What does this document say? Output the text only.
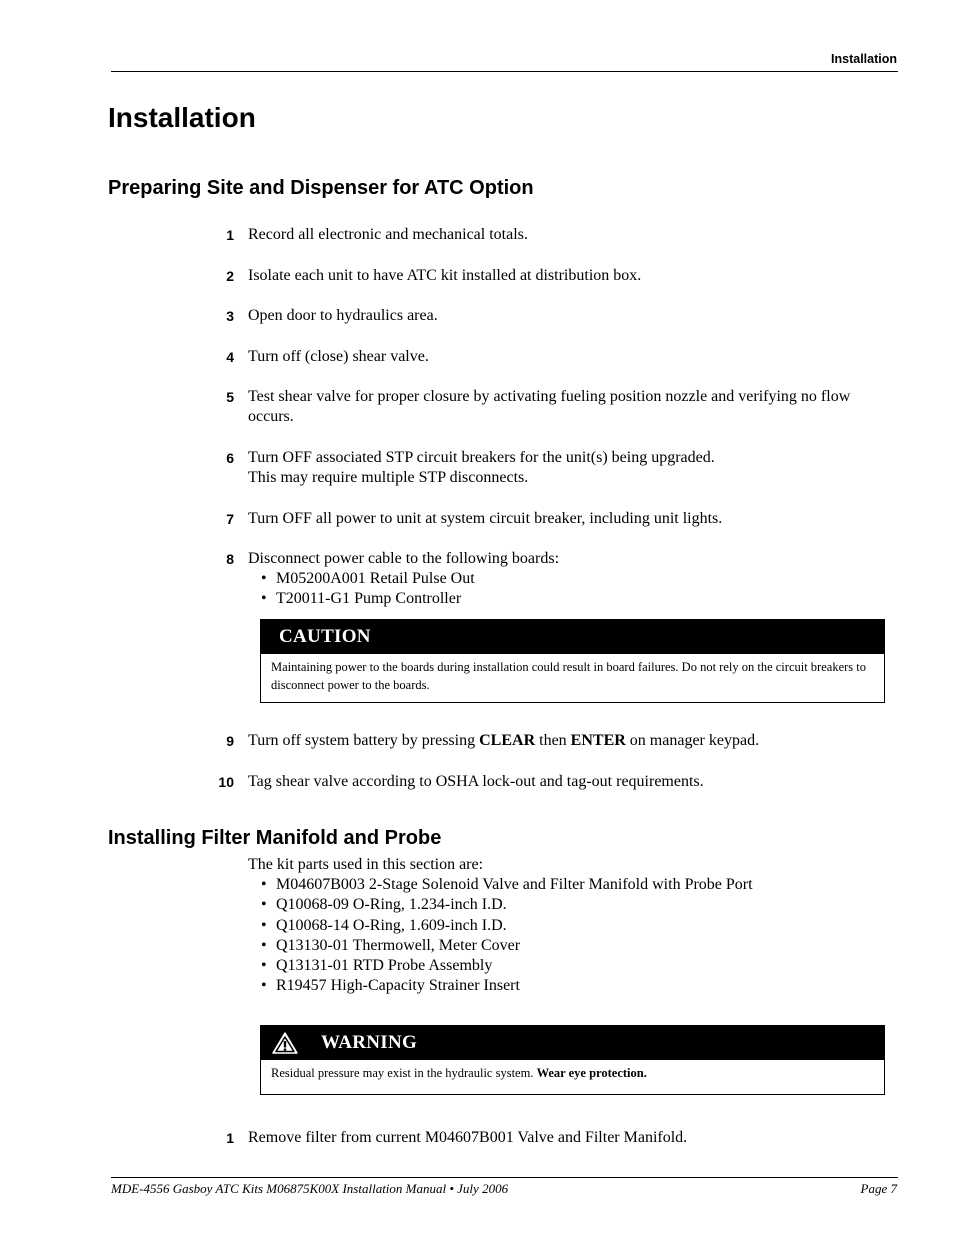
Installation
Installation
Preparing Site and Dispenser for ATC Option
1 Record all electronic and mechanical totals.
2 Isolate each unit to have ATC kit installed at distribution box.
3 Open door to hydraulics area.
4 Turn off (close) shear valve.
5 Test shear valve for proper closure by activating fueling position nozzle and verifying no flow
occurs.
6 Turn OFF associated STP circuit breakers for the unit(s) being upgraded.
This may require multiple STP disconnects.
7 Turn OFF all power to unit at system circuit breaker, including unit lights.
8 Disconnect power cable to the following boards:
• M05200A001 Retail Pulse Out
• T20011-G1 Pump Controller
CAUTION
Maintaining power to the boards during installation could result in board failures. Do not rely on the circuit breakers to disconnect power to the boards.
9 Turn off system battery by pressing CLEAR then ENTER on manager keypad.
10 Tag shear valve according to OSHA lock-out and tag-out requirements.
Installing Filter Manifold and Probe
The kit parts used in this section are:
• M04607B003 2-Stage Solenoid Valve and Filter Manifold with Probe Port
• Q10068-09 O-Ring, 1.234-inch I.D.
• Q10068-14 O-Ring, 1.609-inch I.D.
• Q13130-01 Thermowell, Meter Cover
• Q13131-01 RTD Probe Assembly
• R19457 High-Capacity Strainer Insert
WARNING
Residual pressure may exist in the hydraulic system. Wear eye protection.
1 Remove filter from current M04607B001 Valve and Filter Manifold.
MDE-4556 Gasboy ATC Kits M06875K00X Installation Manual • July 2006	Page 7
